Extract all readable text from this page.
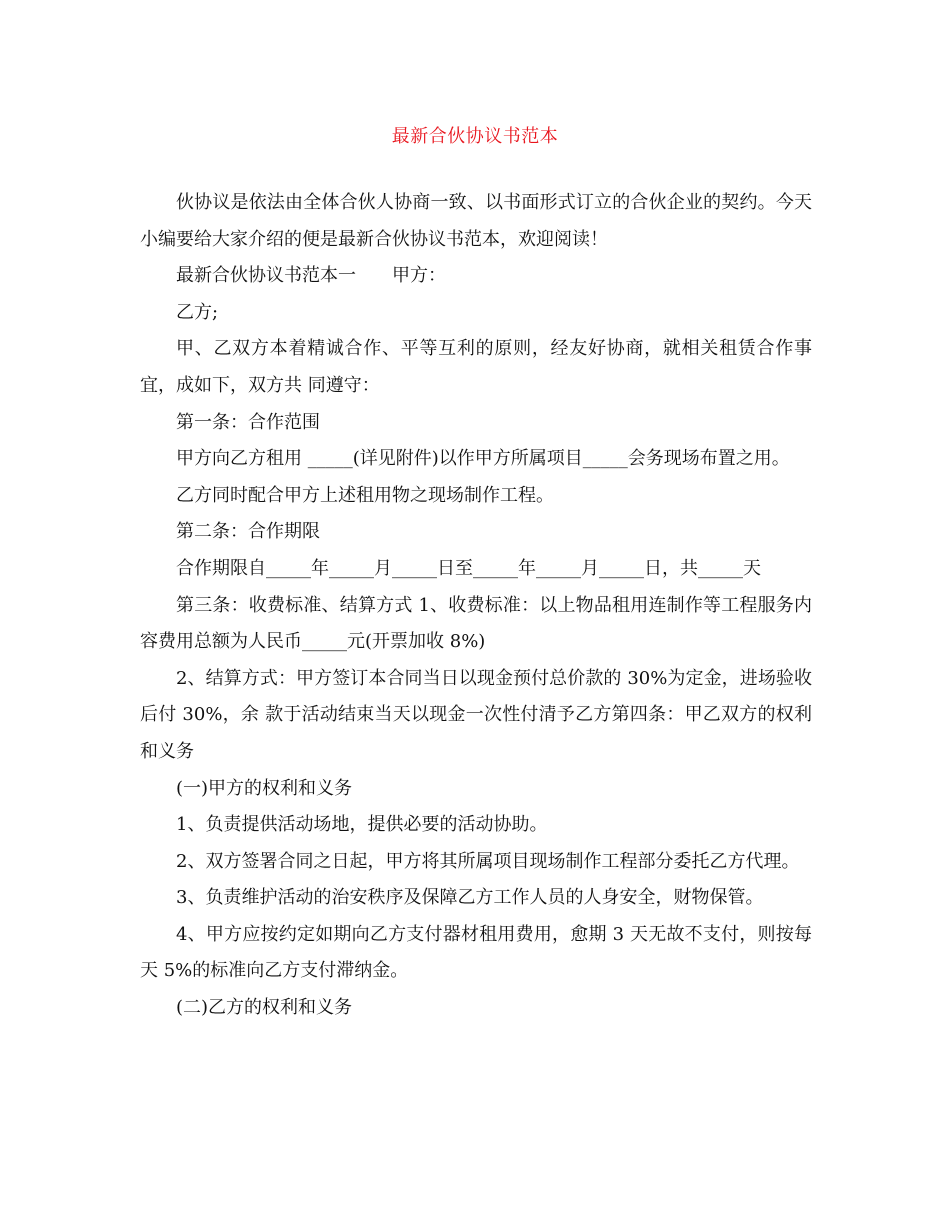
最新合伙协议书范本

伙协议是依法由全体合伙人协商一致、以书面形式订立的合伙企业的契约。今天小编要给大家介绍的便是最新合伙协议书范本，欢迎阅读！

最新合伙协议书范本一　　甲方：

乙方;

甲、乙双方本着精诚合作、平等互利的原则，经友好协商，就相关租赁合作事宜，成如下，双方共 同遵守：

第一条：合作范围

甲方向乙方租用 _____(详见附件)以作甲方所属项目_____会务现场布置之用。

乙方同时配合甲方上述租用物之现场制作工程。

第二条：合作期限

合作期限自_____年_____月_____日至_____年_____月_____日，共_____天

第三条：收费标准、结算方式 1、收费标准：以上物品租用连制作等工程服务内容费用总额为人民币_____元(开票加收 8%)

2、结算方式：甲方签订本合同当日以现金预付总价款的 30%为定金，进场验收后付 30%，余 款于活动结束当天以现金一次性付清予乙方第四条：甲乙双方的权利和义务

(一)甲方的权利和义务

1、负责提供活动场地，提供必要的活动协助。

2、双方签署合同之日起，甲方将其所属项目现场制作工程部分委托乙方代理。

3、负责维护活动的治安秩序及保障乙方工作人员的人身安全，财物保管。

4、甲方应按约定如期向乙方支付器材租用费用，愈期 3 天无故不支付，则按每天 5%的标准向乙方支付滞纳金。

(二)乙方的权利和义务
